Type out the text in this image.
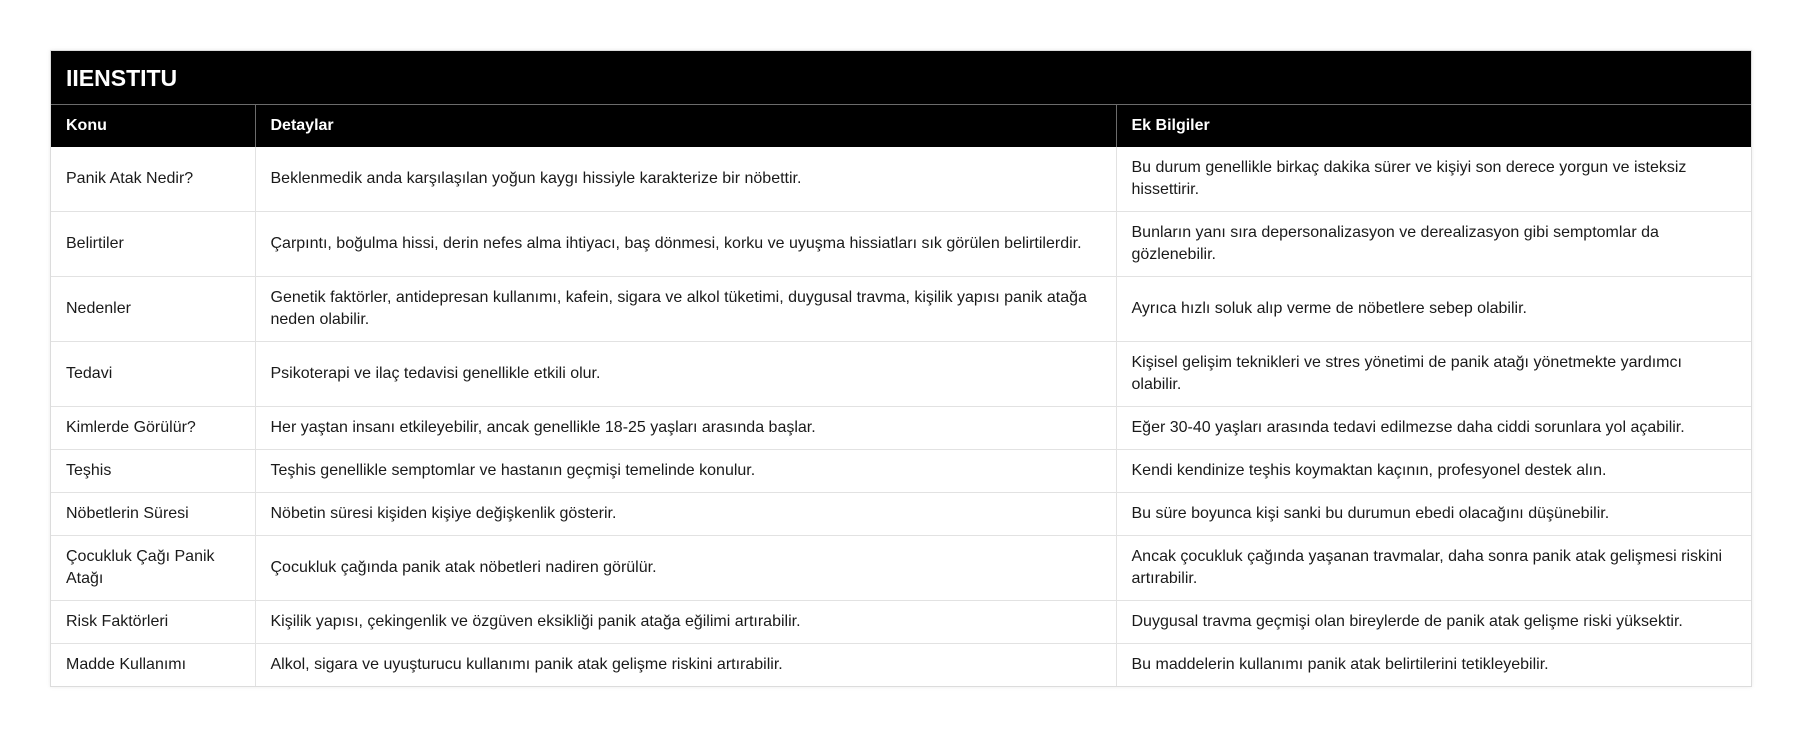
IIENSTITU
Konu	Detaylar	Ek Bilgiler
Panik Atak Nedir?	Beklenmedik anda karşılaşılan yoğun kaygı hissiyle karakterize bir nöbettir.	Bu durum genellikle birkaç dakika sürer ve kişiyi son derece yorgun ve isteksiz hissettirir.
Belirtiler	Çarpıntı, boğulma hissi, derin nefes alma ihtiyacı, baş dönmesi, korku ve uyuşma hissiatları sık görülen belirtilerdir.	Bunların yanı sıra depersonalizasyon ve derealizasyon gibi semptomlar da gözlenebilir.
Nedenler	Genetik faktörler, antidepresan kullanımı, kafein, sigara ve alkol tüketimi, duygusal travma, kişilik yapısı panik atağa neden olabilir.	Ayrıca hızlı soluk alıp verme de nöbetlere sebep olabilir.
Tedavi	Psikoterapi ve ilaç tedavisi genellikle etkili olur.	Kişisel gelişim teknikleri ve stres yönetimi de panik atağı yönetmekte yardımcı olabilir.
Kimlerde Görülür?	Her yaştan insanı etkileyebilir, ancak genellikle 18-25 yaşları arasında başlar.	Eğer 30-40 yaşları arasında tedavi edilmezse daha ciddi sorunlara yol açabilir.
Teşhis	Teşhis genellikle semptomlar ve hastanın geçmişi temelinde konulur.	Kendi kendinize teşhis koymaktan kaçının, profesyonel destek alın.
Nöbetlerin Süresi	Nöbetin süresi kişiden kişiye değişkenlik gösterir.	Bu süre boyunca kişi sanki bu durumun ebedi olacağını düşünebilir.
Çocukluk Çağı Panik Atağı	Çocukluk çağında panik atak nöbetleri nadiren görülür.	Ancak çocukluk çağında yaşanan travmalar, daha sonra panik atak gelişmesi riskini artırabilir.
Risk Faktörleri	Kişilik yapısı, çekingenlik ve özgüven eksikliği panik atağa eğilimi artırabilir.	Duygusal travma geçmişi olan bireylerde de panik atak gelişme riski yüksektir.
Madde Kullanımı	Alkol, sigara ve uyuşturucu kullanımı panik atak gelişme riskini artırabilir.	Bu maddelerin kullanımı panik atak belirtilerini tetikleyebilir.
